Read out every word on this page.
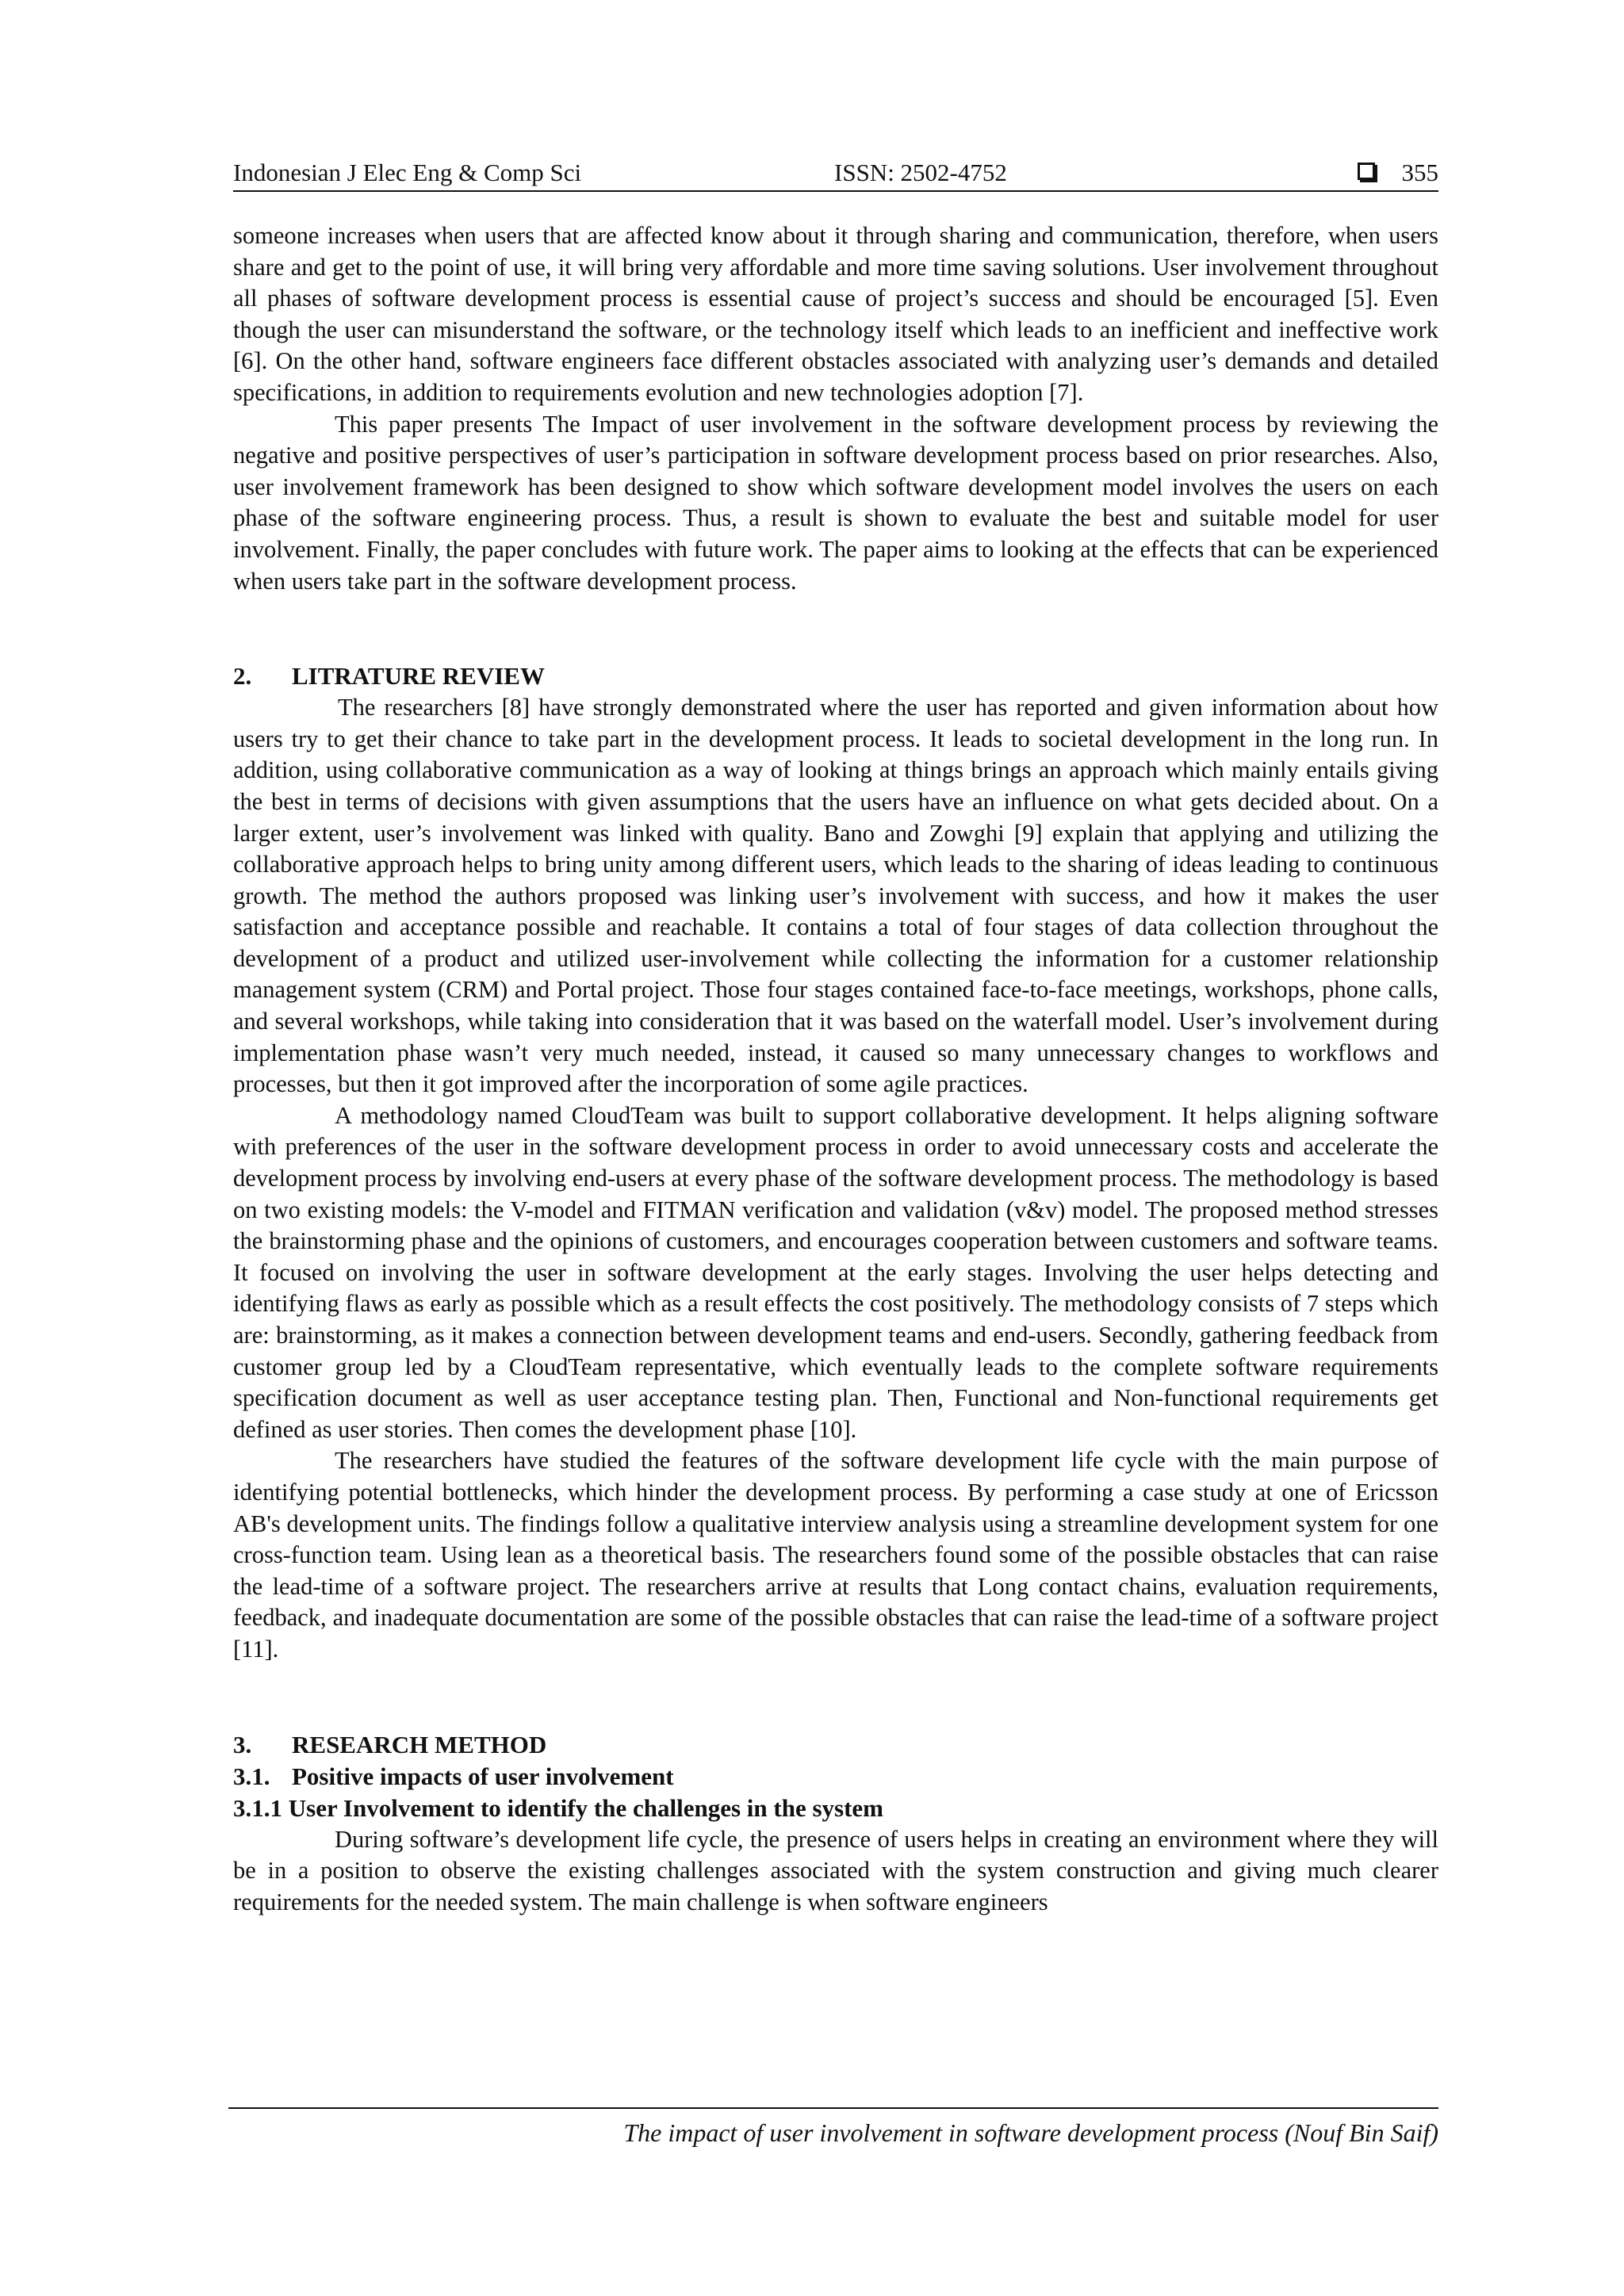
Indonesian J Elec Eng & Comp Sci	ISSN: 2502-4752	355

someone increases when users that are affected know about it through sharing and communication, therefore, when users share and get to the point of use, it will bring very affordable and more time saving solutions. User involvement throughout all phases of software development process is essential cause of project’s success and should be encouraged [5]. Even though the user can misunderstand the software, or the technology itself which leads to an inefficient and ineffective work [6]. On the other hand, software engineers face different obstacles associated with analyzing user’s demands and detailed specifications, in addition to requirements evolution and new technologies adoption [7].

This paper presents The Impact of user involvement in the software development process by reviewing the negative and positive perspectives of user’s participation in software development process based on prior researches. Also, user involvement framework has been designed to show which software development model involves the users on each phase of the software engineering process. Thus, a result is shown to evaluate the best and suitable model for user involvement. Finally, the paper concludes with future work. The paper aims to looking at the effects that can be experienced when users take part in the software development process.

2.	LITRATURE REVIEW

The researchers [8] have strongly demonstrated where the user has reported and given information about how users try to get their chance to take part in the development process. It leads to societal development in the long run. In addition, using collaborative communication as a way of looking at things brings an approach which mainly entails giving the best in terms of decisions with given assumptions that the users have an influence on what gets decided about. On a larger extent, user’s involvement was linked with quality. Bano and Zowghi [9] explain that applying and utilizing the collaborative approach helps to bring unity among different users, which leads to the sharing of ideas leading to continuous growth. The method the authors proposed was linking user’s involvement with success, and how it makes the user satisfaction and acceptance possible and reachable. It contains a total of four stages of data collection throughout the development of a product and utilized user-involvement while collecting the information for a customer relationship management system (CRM) and Portal project. Those four stages contained face-to-face meetings, workshops, phone calls, and several workshops, while taking into consideration that it was based on the waterfall model. User’s involvement during implementation phase wasn’t very much needed, instead, it caused so many unnecessary changes to workflows and processes, but then it got improved after the incorporation of some agile practices.

A methodology named CloudTeam was built to support collaborative development. It helps aligning software with preferences of the user in the software development process in order to avoid unnecessary costs and accelerate the development process by involving end-users at every phase of the software development process. The methodology is based on two existing models: the V-model and FITMAN verification and validation (v&v) model. The proposed method stresses the brainstorming phase and the opinions of customers, and encourages cooperation between customers and software teams. It focused on involving the user in software development at the early stages. Involving the user helps detecting and identifying flaws as early as possible which as a result effects the cost positively. The methodology consists of 7 steps which are: brainstorming, as it makes a connection between development teams and end-users. Secondly, gathering feedback from customer group led by a CloudTeam representative, which eventually leads to the complete software requirements specification document as well as user acceptance testing plan. Then, Functional and Non-functional requirements get defined as user stories. Then comes the development phase [10].

The researchers have studied the features of the software development life cycle with the main purpose of identifying potential bottlenecks, which hinder the development process. By performing a case study at one of Ericsson AB's development units. The findings follow a qualitative interview analysis using a streamline development system for one cross-function team. Using lean as a theoretical basis. The researchers found some of the possible obstacles that can raise the lead-time of a software project. The researchers arrive at results that Long contact chains, evaluation requirements, feedback, and inadequate documentation are some of the possible obstacles that can raise the lead-time of a software project [11].

3.	RESEARCH METHOD
3.1. Positive impacts of user involvement
3.1.1 User Involvement to identify the challenges in the system

During software’s development life cycle, the presence of users helps in creating an environment where they will be in a position to observe the existing challenges associated with the system construction and giving much clearer requirements for the needed system. The main challenge is when software engineers

The impact of user involvement in software development process (Nouf Bin Saif)
